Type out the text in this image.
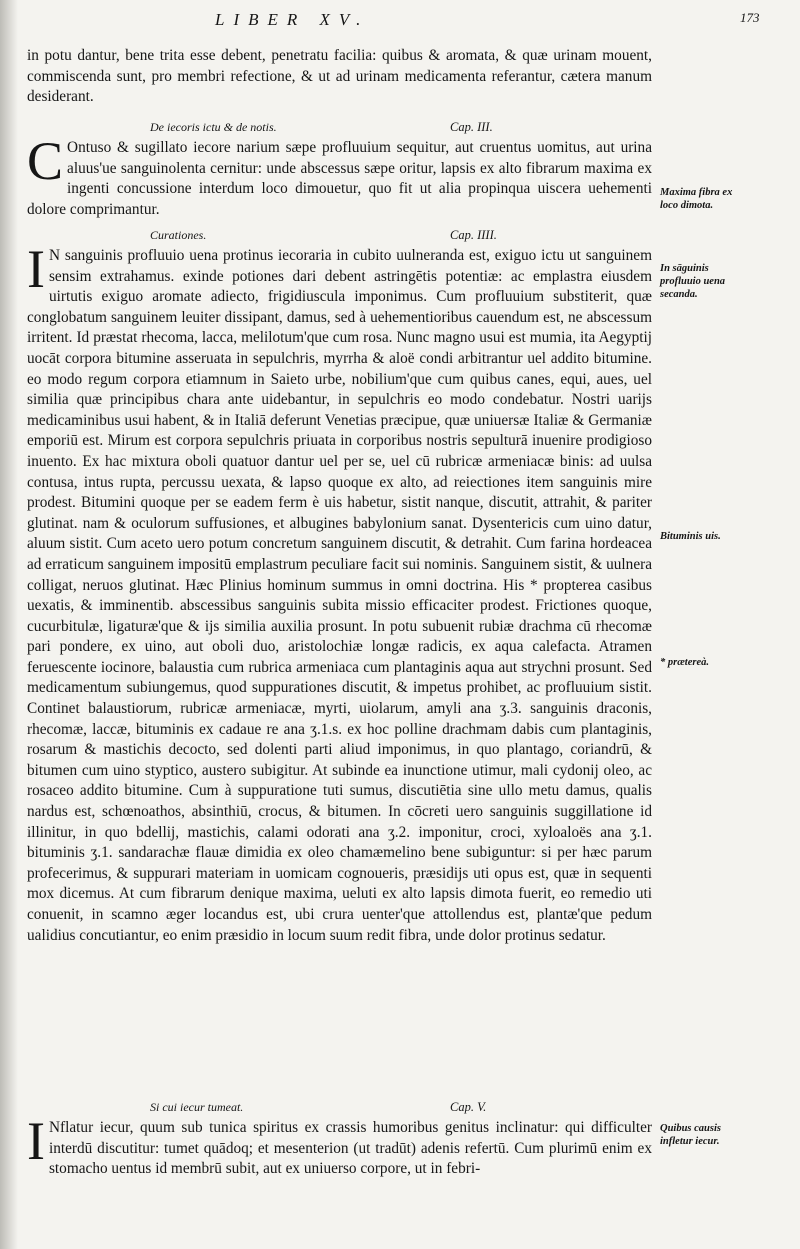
LIBER XV.	173

in potu dantur, bene trita esse debent, penetratu facilia: quibus & aromata, & quæ urinam mouent, commiscenda sunt, pro membri refectione, & ut ad urinam medicamenta referantur, cætera manum desiderant.

De iecoris ictu & de notis.	Cap. III.

C Ontuso & sugillato iecore narium sæpe profluuium sequitur, aut cruentus uomitus, aut urina aluus'ue sanguinolenta cernitur: unde abscessus sæpe oritur, lapsis ex alto fibrarum maxima ex ingenti concussione interdum loco dimouetur, quo fit ut alia propinqua uiscera uehementi dolore comprimantur.

Curationes.	Cap. IIII.

I N sanguinis profluuio uena protinus iecoraria in cubito uulneranda est, exiguo ictu ut sanguinem sensim extrahamus. exinde potiones dari debent astringētis potentiæ: ac emplastra eiusdem uirtutis exiguo aromate adiecto, frigidiuscula imponimus. Cum profluuium substiterit, quæ conglobatum sanguinem leuiter dissipant, damus, sed à uehementioribus cauendum est, ne abscessum irritent. Id præstat rhecoma, lacca, melilotum'que cum rosa. Nunc magno usui est mumia, ita Aegyptij uocāt corpora bitumine asseruata in sepulchris, myrrha & aloë condi arbitrantur uel addito bitumine. eo modo regum corpora etiamnum in Saieto urbe, nobilium'que cum quibus canes, equi, aues, uel similia quæ principibus chara ante uidebantur, in sepulchris eo modo condebatur. Nostri uarijs medicaminibus usui habent, & in Italiā deferunt Venetias præcipue, quæ uniuersæ Italiæ & Germaniæ emporiū est. Mirum est corpora sepulchris priuata in corporibus nostris sepulturā inuenire prodigioso inuento. Ex hac mixtura oboli quatuor dantur uel per se, uel cū rubricæ armeniacæ binis: ad uulsa contusa, intus rupta, percussu uexata, & lapso quoque ex alto, ad reiectiones item sanguinis mire prodest. Bitumini quoque per se eadem ferm è uis habetur, sistit nanque, discutit, attrahit, & pariter glutinat. nam & oculorum suffusiones, et albugines babylonium sanat. Dysentericis cum uino datur, aluum sistit. Cum aceto uero potum concretum sanguinem discutit, & detrahit. Cum farina hordeacea ad erraticum sanguinem impositū emplastrum peculiare facit sui nominis. Sanguinem sistit, & uulnera colligat, neruos glutinat. Hæc Plinius hominum summus in omni doctrina. His * propterea casibus uexatis, & imminentib. abscessibus sanguinis subita missio efficaciter prodest. Frictiones quoque, cucurbitulæ, ligaturæ'que & ijs similia auxilia prosunt. In potu subuenit rubiæ drachma cū rhecomæ pari pondere, ex uino, aut oboli duo, aristolochiæ longæ radicis, ex aqua calefacta. Atramen feruescente iocinore, balaustia cum rubrica armeniaca cum plantaginis aqua aut strychni prosunt. Sed medicamentum subiungemus, quod suppurationes discutit, & impetus prohibet, ac profluuium sistit. Continet balaustiorum, rubricæ armeniacæ, myrti, uiolarum, amyli ana ʒ.3. sanguinis draconis, rhecomæ, laccæ, bituminis ex cadaue re ana ʒ.1.s. ex hoc polline drachmam dabis cum plantaginis, rosarum & mastichis decocto, sed dolenti parti aliud imponimus, in quo plantago, coriandrū, & bitumen cum uino styptico, austero subigitur. At subinde ea inunctione utimur, mali cydonij oleo, ac rosaceo addito bitumine. Cum à suppuratione tuti sumus, discutiētia sine ullo metu damus, qualis nardus est, schœnoathos, absinthiū, crocus, & bitumen. In cōcreti uero sanguinis suggillatione id illinitur, in quo bdellij, mastichis, calami odorati ana ʒ.2. imponitur, croci, xyloaloës ana ʒ.1. bituminis ʒ.1. sandarachæ flauæ dimidia ex oleo chamæmelino bene subiguntur: si per hæc parum profecerimus, & suppurari materiam in uomicam cognoueris, præsidijs uti opus est, quæ in sequenti mox dicemus. At cum fibrarum denique maxima, ueluti ex alto lapsis dimota fuerit, eo remedio uti conuenit, in scamno æger locandus est, ubi crura uenter'que attollendus est, plantæ'que pedum ualidius concutiantur, eo enim præsidio in locum suum redit fibra, unde dolor protinus sedatur.

Si cui iecur tumeat.	Cap. V.

I Nflatur iecur, quum sub tunica spiritus ex crassis humoribus genitus inclinatur: qui difficulter interdū discutitur: tumet quādoq; et mesenterion (ut tradūt) adenis refertū. Cum plurimū enim ex stomacho uentus id membrū subit, aut ex uniuerso corpore, ut in febri-

Maxima fibra ex loco dimota.
In sāguinis profluuio uena secanda.
Bituminis uis.
* prætereà.
Quibus causis infletur iecur.
